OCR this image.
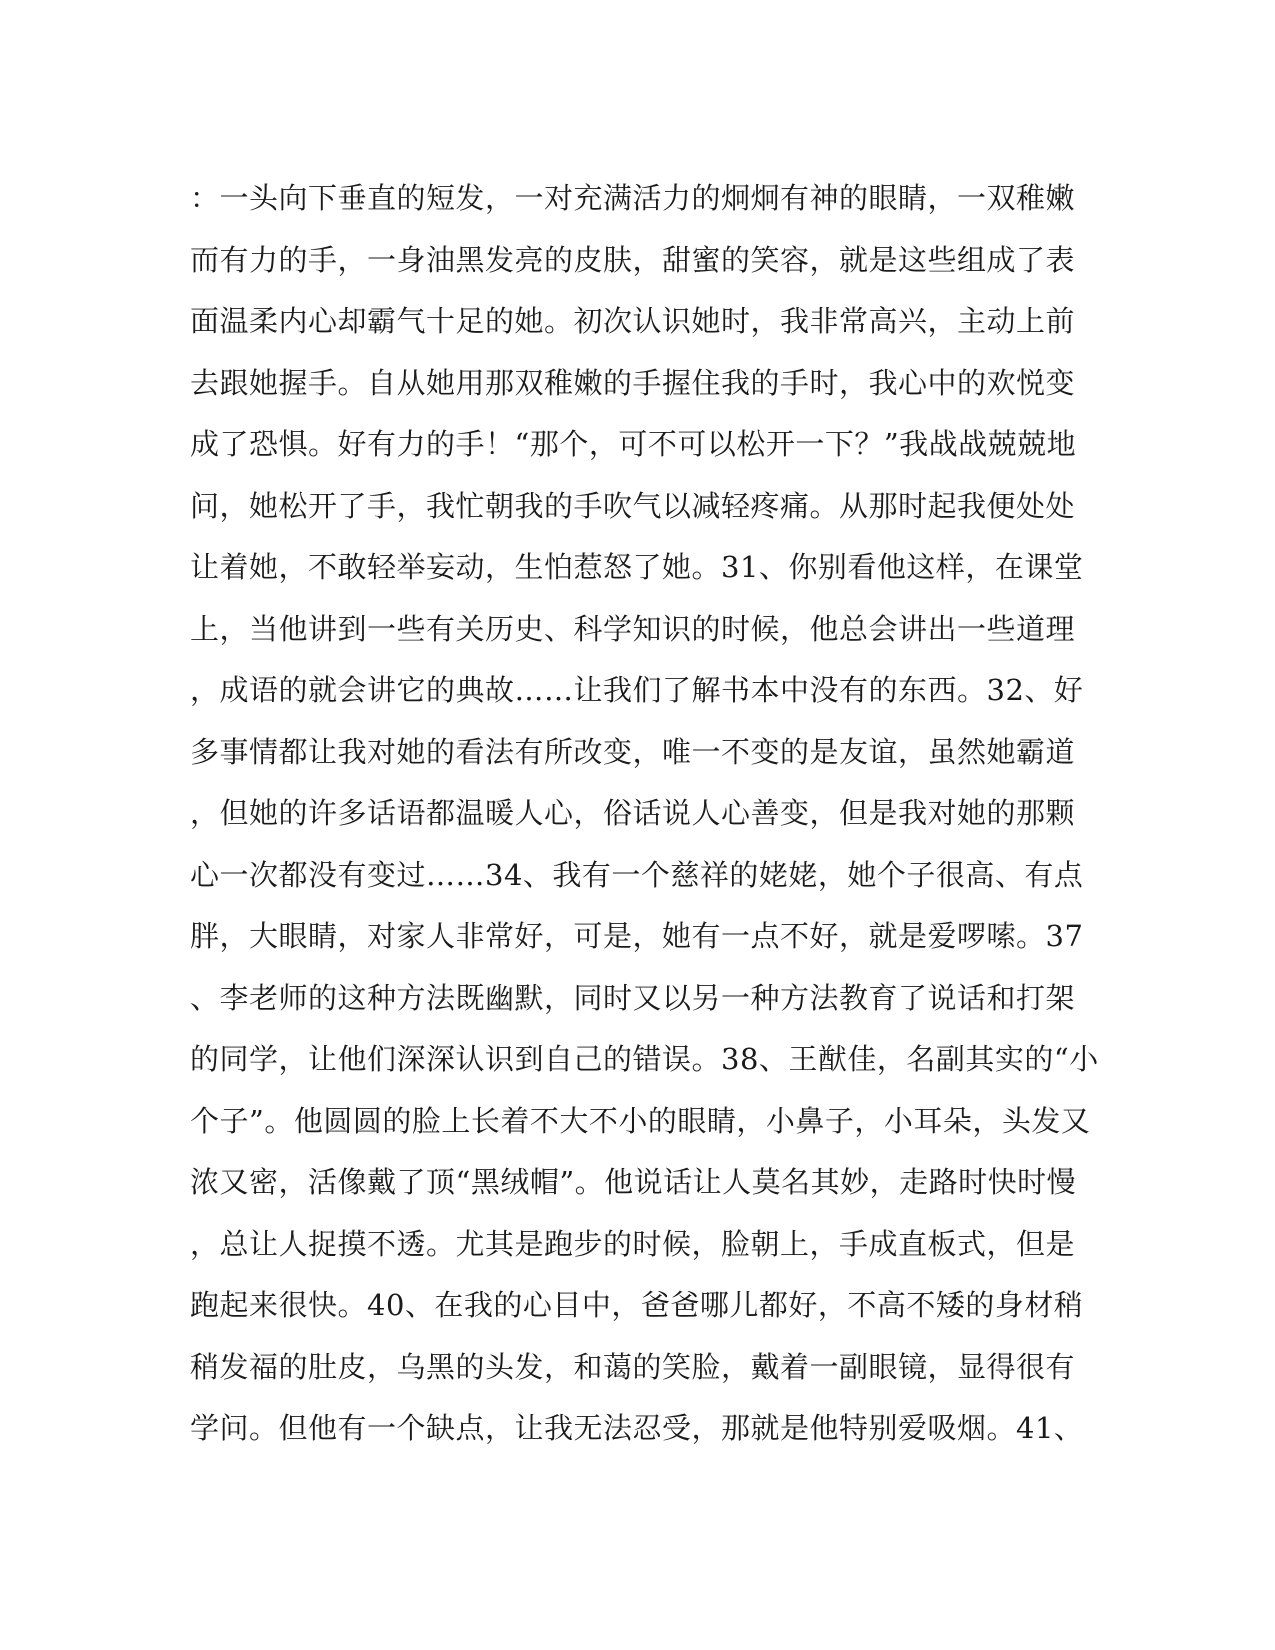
：一头向下垂直的短发，一对充满活力的炯炯有神的眼睛，一双稚嫩
而有力的手，一身油黑发亮的皮肤，甜蜜的笑容，就是这些组成了表
面温柔内心却霸气十足的她。初次认识她时，我非常高兴，主动上前
去跟她握手。自从她用那双稚嫩的手握住我的手时，我心中的欢悦变
成了恐惧。好有力的手！“那个，可不可以松开一下？”我战战兢兢地
问，她松开了手，我忙朝我的手吹气以减轻疼痛。从那时起我便处处
让着她，不敢轻举妄动，生怕惹怒了她。31、你别看他这样，在课堂
上，当他讲到一些有关历史、科学知识的时候，他总会讲出一些道理
，成语的就会讲它的典故……让我们了解书本中没有的东西。32、好
多事情都让我对她的看法有所改变，唯一不变的是友谊，虽然她霸道
，但她的许多话语都温暖人心，俗话说人心善变，但是我对她的那颗
心一次都没有变过……34、我有一个慈祥的姥姥，她个子很高、有点
胖，大眼睛，对家人非常好，可是，她有一点不好，就是爱啰嗦。37
、李老师的这种方法既幽默，同时又以另一种方法教育了说话和打架
的同学，让他们深深认识到自己的错误。38、王猷佳，名副其实的“小
个子”。他圆圆的脸上长着不大不小的眼睛，小鼻子，小耳朵，头发又
浓又密，活像戴了顶“黑绒帽”。他说话让人莫名其妙，走路时快时慢
，总让人捉摸不透。尤其是跑步的时候，脸朝上，手成直板式，但是
跑起来很快。40、在我的心目中，爸爸哪儿都好，不高不矮的身材稍
稍发福的肚皮，乌黑的头发，和蔼的笑脸，戴着一副眼镜，显得很有
学问。但他有一个缺点，让我无法忍受，那就是他特别爱吸烟。41、
